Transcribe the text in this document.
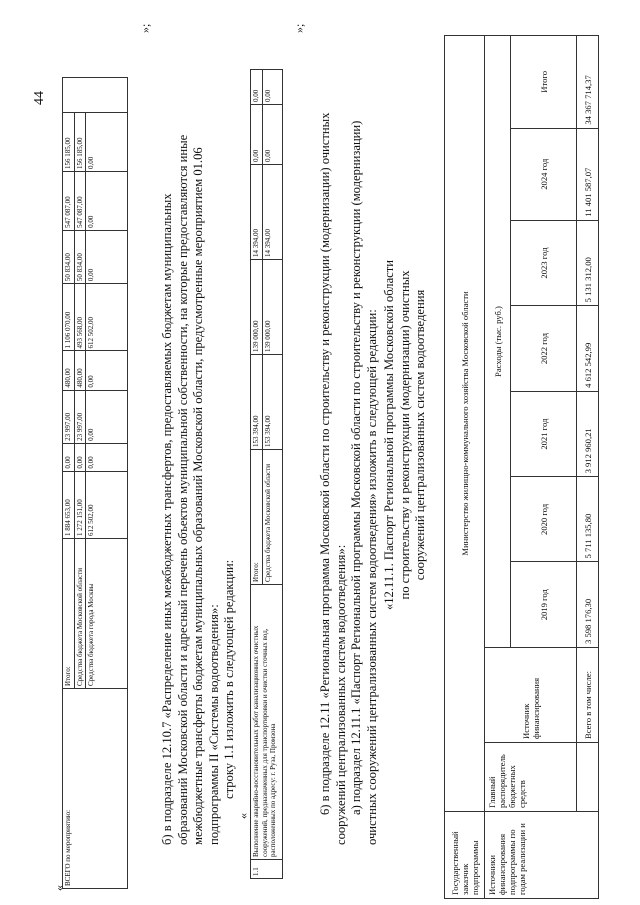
44
«
ВСЕГО по мероприятию:	Итого:	1 884 653,00	0,00	23 997,00	480,00	1 106 070,00	50 834,00	547 087,00	156 185,00	
	Средства бюджета Московской области	1 272 151,00	0,00	23 997,00	480,00	493 568,00	50 834,00	547 087,00	156 185,00	
	Средства бюджета города Москвы	612 502,00	0,00	0,00	0,00	612 502,00	0,00	0,00	0,00	
»;
б) в подразделе 12.10.7 «Распределение иных межбюджетных трансфертов, предоставляемых бюджетам муниципальных образований Московской области и адресный перечень объектов муниципальной собственности, на которые предоставляются иные межбюджетные трансферты бюджетам муниципальных образований Московской области, предусмотренные мероприятием 01.06 подпрограммы II «Системы водоотведения»: строку 1.1 изложить в следующей редакции:
«
1.1	Выполнение аварийно-восстановительных работ канализационных очистных сооружений, предназначенных для транспортировки и очистки сточных вод, расположенных по адресу: г. Руза, Промзона	Итого:	153 394,00	139 000,00	14 394,00	0,00	0,00
		Средства бюджета Московской области	153 394,00	139 000,00	14 394,00	0,00	0,00
»;
6) в подразделе 12.11 «Региональная программа Московской области по строительству и реконструкции (модернизации) очистных сооружений централизованных систем водоотведения»: а) подраздел 12.11.1 «Паспорт Региональной программы Московской области по строительству и реконструкции (модернизации) очистных сооружений централизованных систем водоотведения» изложить в следующей редакции: «12.11.1. Паспорт Региональной программы Московской области по строительству и реконструкции (модернизации) очистных сооружений централизованных систем водоотведения
Государственный заказчик подпрограммы	Министерство жилищно-коммунального хозяйства Московской области								
Источники финансирования подпрограммы по годам реализации и	Главный распорядитель бюджетных средств	Источник финансирования	Расходы (тыс. руб.)						
			2019 год	2020 год	2021 год	2022 год	2023 год	2024 год	Итого
		Всего в том числе:	3 598 176,30	5 711 135,80	3 912 960,21	4 612 542,99	5 131 312,00	11 401 587,07	34 367 714,37
